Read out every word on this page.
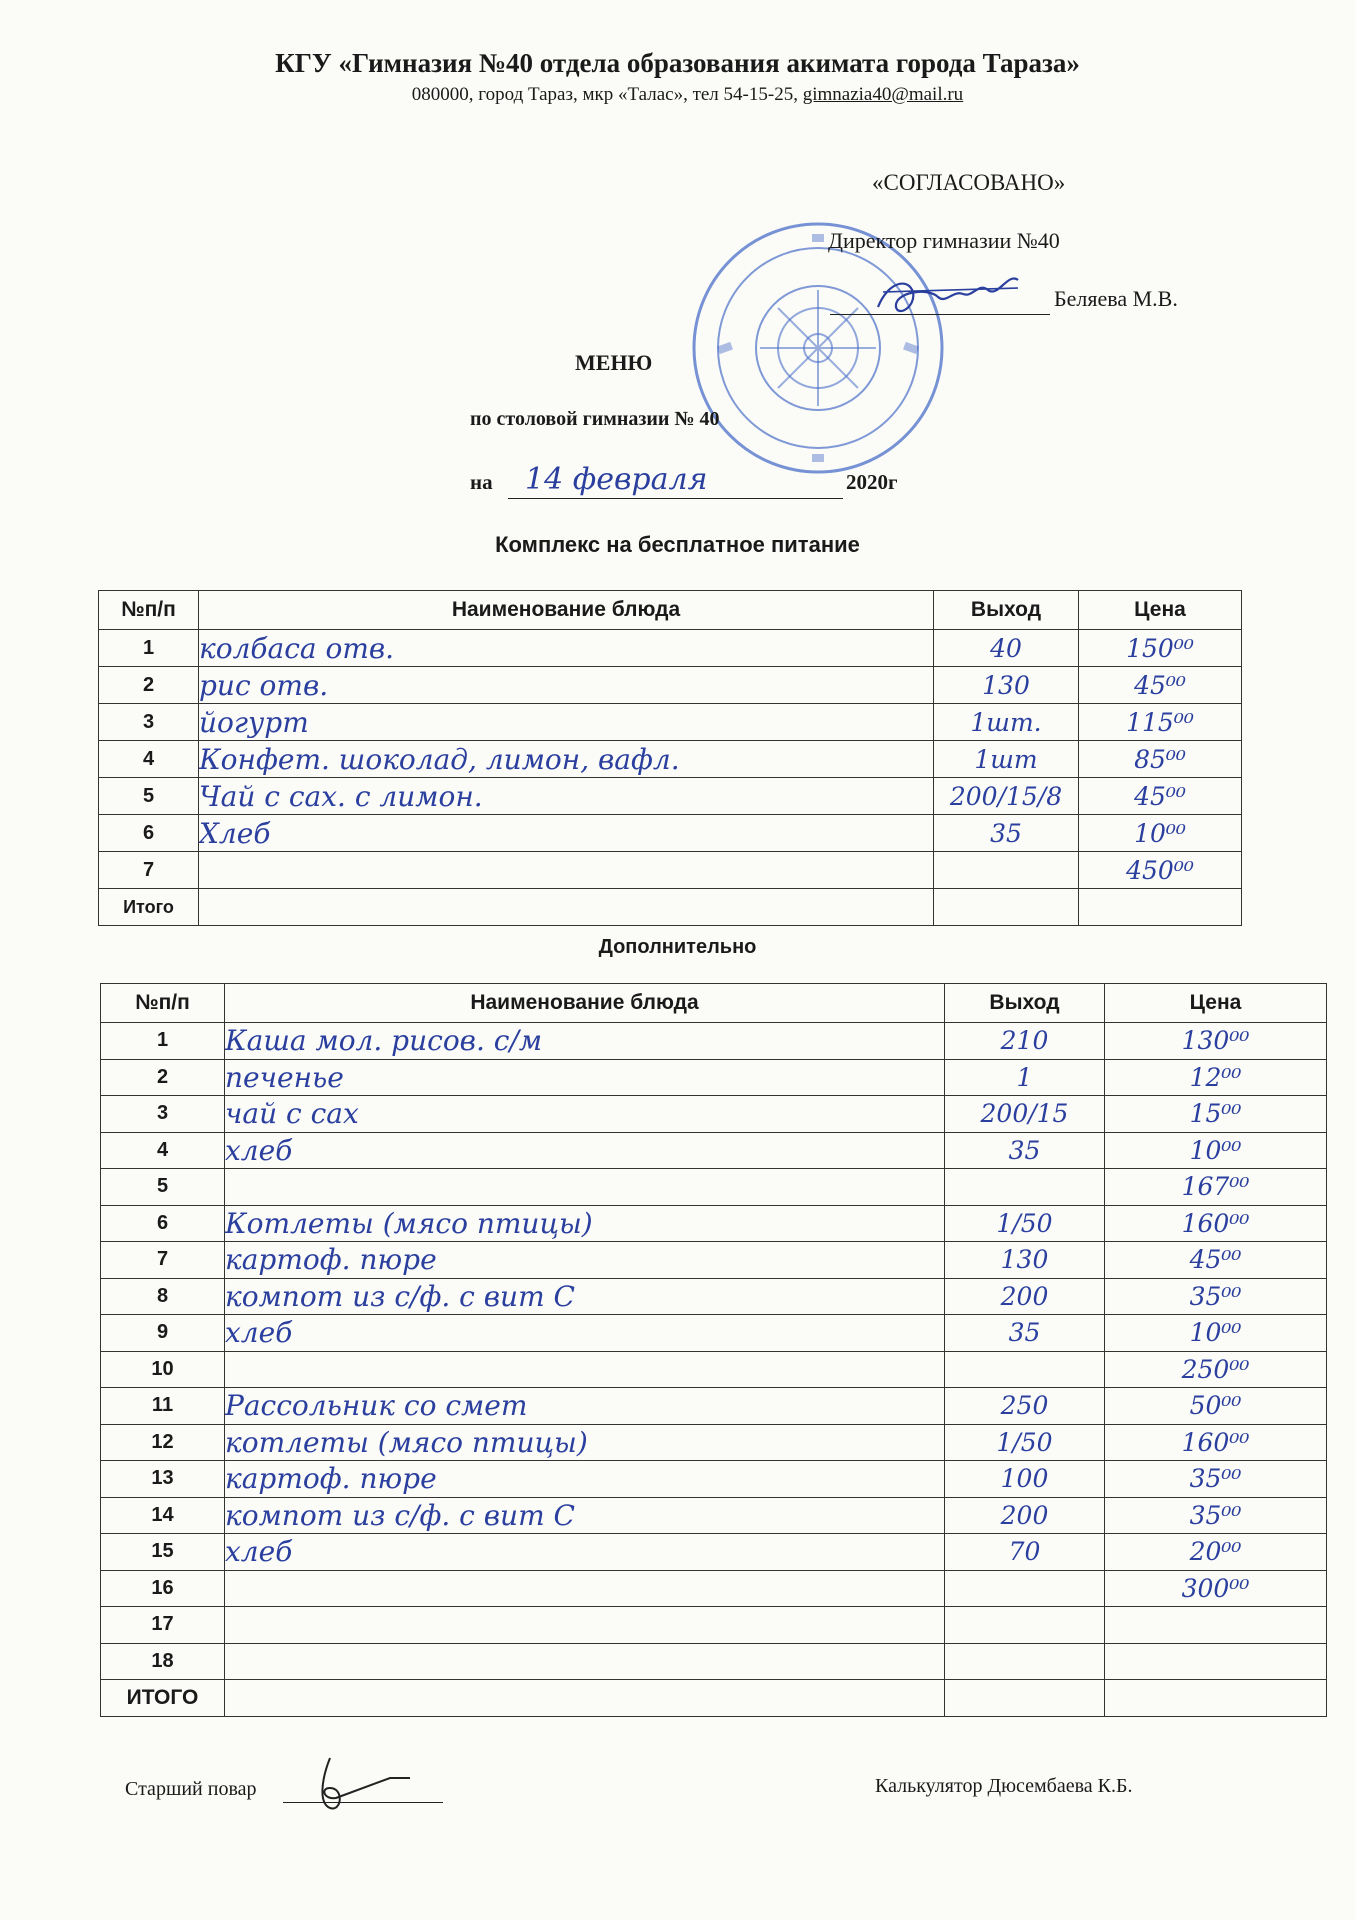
КГУ «Гимназия №40 отдела образования акимата города Тараза»
080000, город Тараз, мкр «Талас», тел 54-15-25, gimnazia40@mail.ru
«СОГЛАСОВАНО»
Директор гимназии №40
Беляева М.В.
МЕНЮ
по столовой гимназии № 40
на 14 февраля	2020г
Комплекс на бесплатное питание
№п/п	Наименование блюда	Выход	Цена
1	колбаса отв.	40	150⁰⁰
2	рис отв.	130	45⁰⁰
3	йогурт	1шт.	115⁰⁰
4	Конфет. шоколад, лимон, вафл.	1шт	85⁰⁰
5	Чай с сах. с лимон.	200/15/8	45⁰⁰
6	Хлеб	35	10⁰⁰
7			450⁰⁰
Итого			
Дополнительно
№п/п	Наименование блюда	Выход	Цена
1	Каша мол. рисов. с/м	210	130⁰⁰
2	печенье	1	12⁰⁰
3	чай с сах	200/15	15⁰⁰
4	хлеб	35	10⁰⁰
5			167⁰⁰
6	Котлеты (мясо птицы)	1/50	160⁰⁰
7	картоф. пюре	130	45⁰⁰
8	компот из с/ф. с вит С	200	35⁰⁰
9	хлеб	35	10⁰⁰
10			250⁰⁰
11	Рассольник со смет	250	50⁰⁰
12	котлеты (мясо птицы)	1/50	160⁰⁰
13	картоф. пюре	100	35⁰⁰
14	компот из с/ф. с вит С	200	35⁰⁰
15	хлеб	70	20⁰⁰
16			300⁰⁰
17			
18			
ИТОГО			
Старший повар	Калькулятор Дюсембаева К.Б.
